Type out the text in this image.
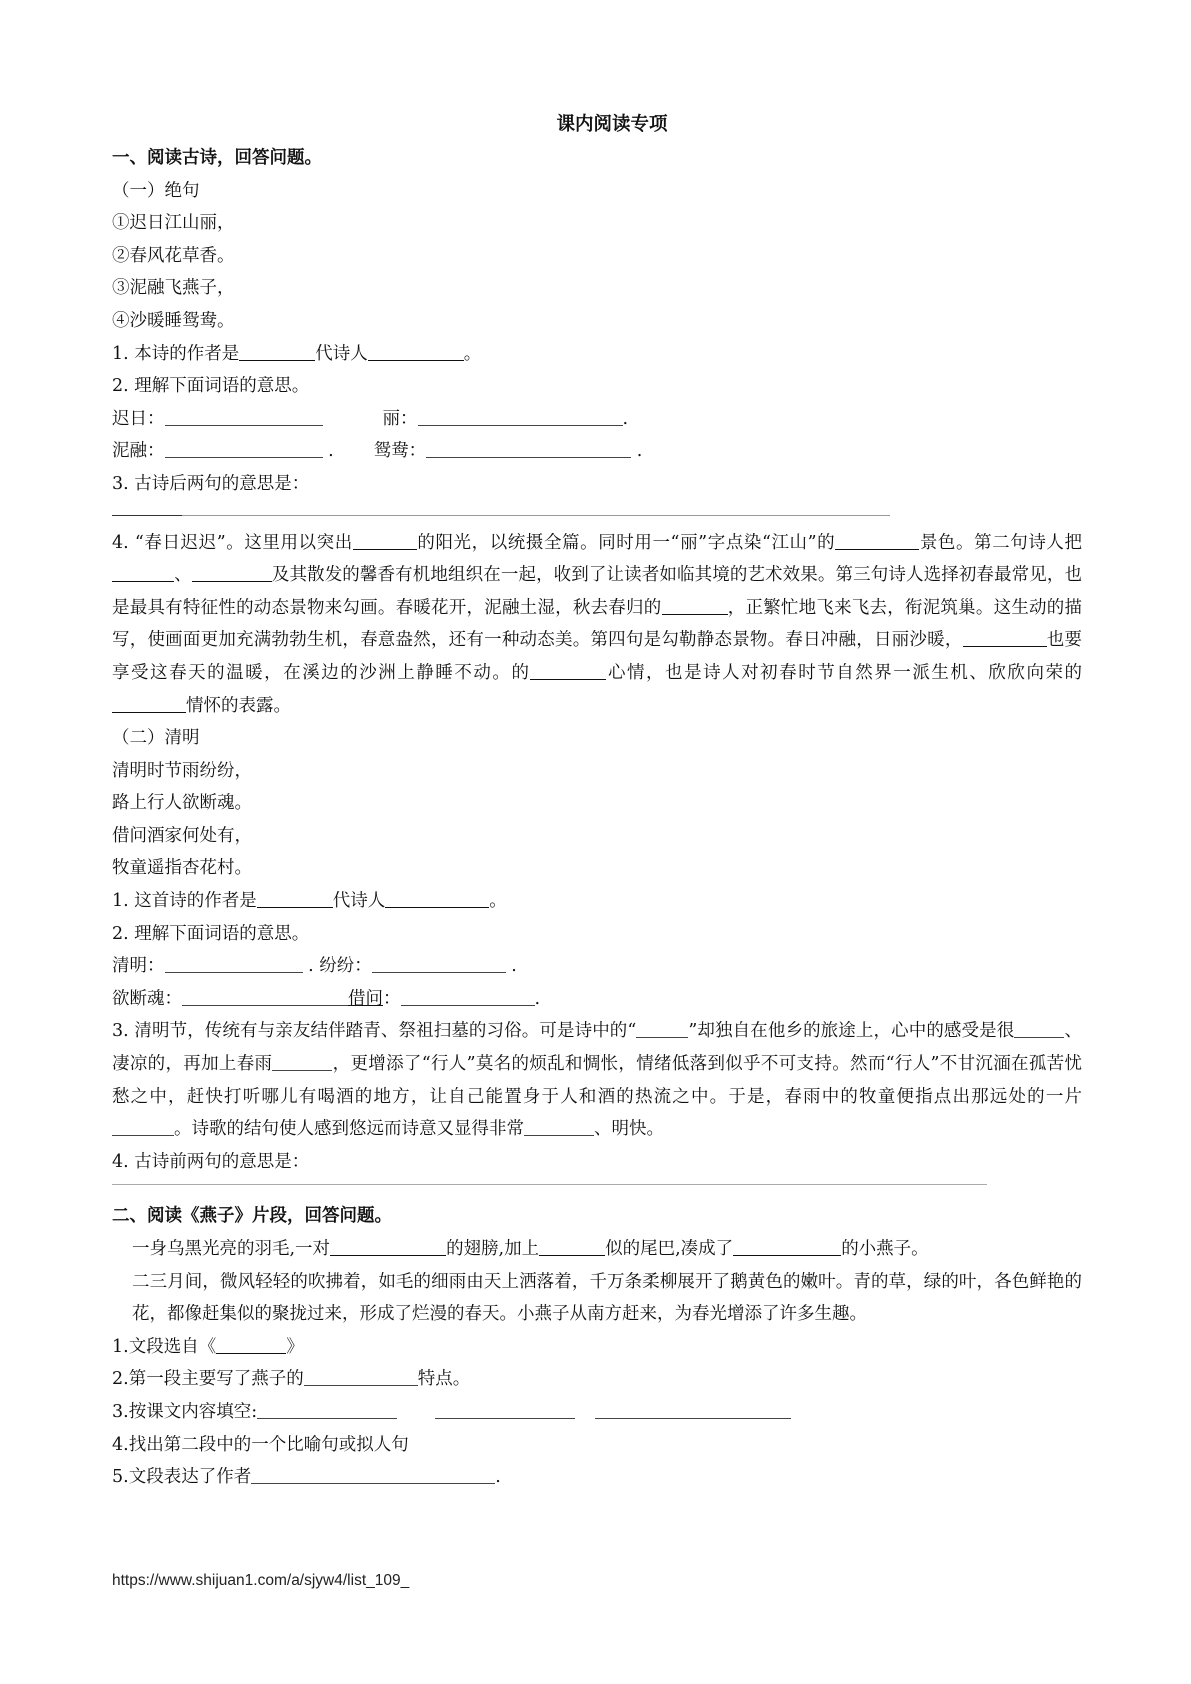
课内阅读专项
一、阅读古诗，回答问题。
（一）绝句
①迟日江山丽，
②春风花草香。
③泥融飞燕子，
④沙暖睡鸳鸯。
1. 本诗的作者是	代诗人	。
2. 理解下面词语的意思。
迟日：	丽：	.
泥融：	. 鸳鸯：	.
3. 古诗后两句的意思是：
4. “春日迟迟”。这里用以突出	的阳光，以统摄全篇。同时用一“丽”字点染“江山”的	景色。第二句诗人把、	及其散发的馨香有机地组织在一起，收到了让读者如临其境的艺术效果。第三句诗人选择初春最常见，也是最具有特征性的动态景物来勾画。春暖花开，泥融土湿，秋去春归的	，正繁忙地飞来飞去，衔泥筑巢。这生动的描写，使画面更加充满勃勃生机，春意盎然，还有一种动态美。第四句是勾勒静态景物。春日冲融，日丽沙暖，	也要享受这春天的温暖，在溪边的沙洲上静睡不动。的	心情，也是诗人对初春时节自然界一派生机、欣欣向荣的情怀的表露。
（二）清明
清明时节雨纷纷，
路上行人欲断魂。
借问酒家何处有，
牧童遥指杏花村。
1. 这首诗的作者是	代诗人	。
2. 理解下面词语的意思。
清明：	. 纷纷：	.
欲断魂：	借问：	.
3. 清明节，传统有与亲友结伴踏青、祭祖扫墓的习俗。可是诗中的“	”却独自在他乡的旅途上，心中的感受是很	、凄凉的，再加上春雨	，更增添了“行人”莫名的烦乱和惆怅，情绪低落到似乎不可支持。然而“行人”不甘沉湎在孤苦忧愁之中，赶快打听哪儿有喝酒的地方，让自己能置身于人和酒的热流之中。于是，春雨中的牧童便指点出那远处的一片。诗歌的结句使人感到悠远而诗意又显得非常	、明快。
4. 古诗前两句的意思是：
二、阅读《燕子》片段，回答问题。
一身乌黑光亮的羽毛,一对	的翅膀,加上	似的尾巴,凑成了	的小燕子。
二三月间，微风轻轻的吹拂着，如毛的细雨由天上洒落着，千万条柔柳展开了鹅黄色的嫩叶。青的草，绿的叶，各色鲜艳的花，都像赶集似的聚拢过来，形成了烂漫的春天。小燕子从南方赶来，为春光增添了许多生趣。
1.文段选自《	》
2.第一段主要写了燕子的	特点。
3.按课文内容填空:
4.找出第二段中的一个比喻句或拟人句
5.文段表达了作者	.
https://www.shijuan1.com/a/sjyw4/list_109_
